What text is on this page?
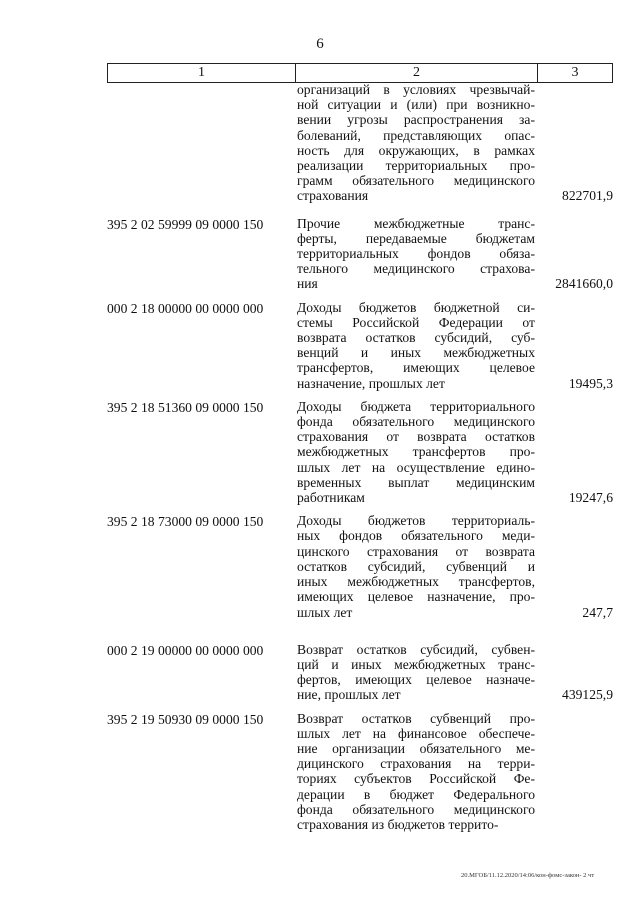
6
1	2	3
организаций в условиях чрезвычай-
ной ситуации и (или) при возникно-
вении угрозы распространения за-
болеваний, представляющих опас-
ность для окружающих, в рамках
реализации территориальных про-
грамм обязательного медицинского
страхования	822701,9
395 2 02 59999 09 0000 150	Прочие межбюджетные транс-
ферты, передаваемые бюджетам
территориальных фондов обяза-
тельного медицинского страхова-
ния	2841660,0
000 2 18 00000 00 0000 000	Доходы бюджетов бюджетной си-
стемы Российской Федерации от
возврата остатков субсидий, суб-
венций и иных межбюджетных
трансфертов, имеющих целевое
назначение, прошлых лет	19495,3
395 2 18 51360 09 0000 150	Доходы бюджета территориального
фонда обязательного медицинского
страхования от возврата остатков
межбюджетных трансфертов про-
шлых лет на осуществление едино-
временных выплат медицинским
работникам	19247,6
395 2 18 73000 09 0000 150	Доходы бюджетов территориаль-
ных фондов обязательного меди-
цинского страхования от возврата
остатков субсидий, субвенций и
иных межбюджетных трансфертов,
имеющих целевое назначение, про-
шлых лет	247,7
000 2 19 00000 00 0000 000	Возврат остатков субсидий, субвен-
ций и иных межбюджетных транс-
фертов, имеющих целевое назначе-
ние, прошлых лет	439125,9
395 2 19 50930 09 0000 150	Возврат остатков субвенций про-
шлых лет на финансовое обеспече-
ние организации обязательного ме-
дицинского страхования на терри-
ториях субъектов Российской Фе-
дерации в бюджет Федерального
фонда обязательного медицинского
страхования из бюджетов террито-
20.МГОБ/11.12.2020/14:06/кон-фомс-закон- 2 чт
